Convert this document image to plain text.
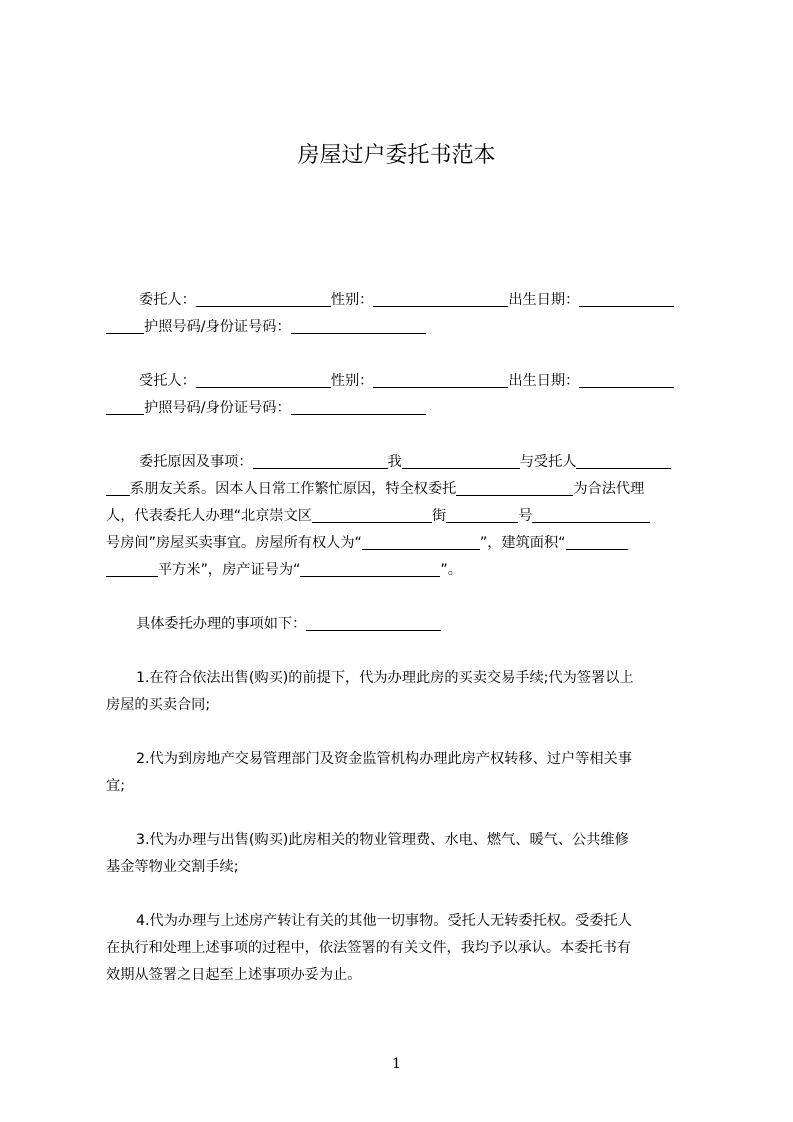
房屋过户委托书范本
委托人：	性别：	出生日期：
护照号码/身份证号码：
受托人：	性别：	出生日期：
护照号码/身份证号码：
委托原因及事项：	我	与受托人
系朋友关系。因本人日常工作繁忙原因，特全权委托	为合法代理
人，代表委托人办理“北京崇文区	街	号
号房间”房屋买卖事宜。房屋所有权人为“	”，建筑面积“
平方米”，房产证号为“	”。
具体委托办理的事项如下：
1.在符合依法出售(购买)的前提下，代为办理此房的买卖交易手续;代为签署以上
房屋的买卖合同;
2.代为到房地产交易管理部门及资金监管机构办理此房产权转移、过户等相关事
宜;
3.代为办理与出售(购买)此房相关的物业管理费、水电、燃气、暖气、公共维修
基金等物业交割手续;
4.代为办理与上述房产转让有关的其他一切事物。受托人无转委托权。受委托人
在执行和处理上述事项的过程中，依法签署的有关文件，我均予以承认。本委托书有
效期从签署之日起至上述事项办妥为止。
1
